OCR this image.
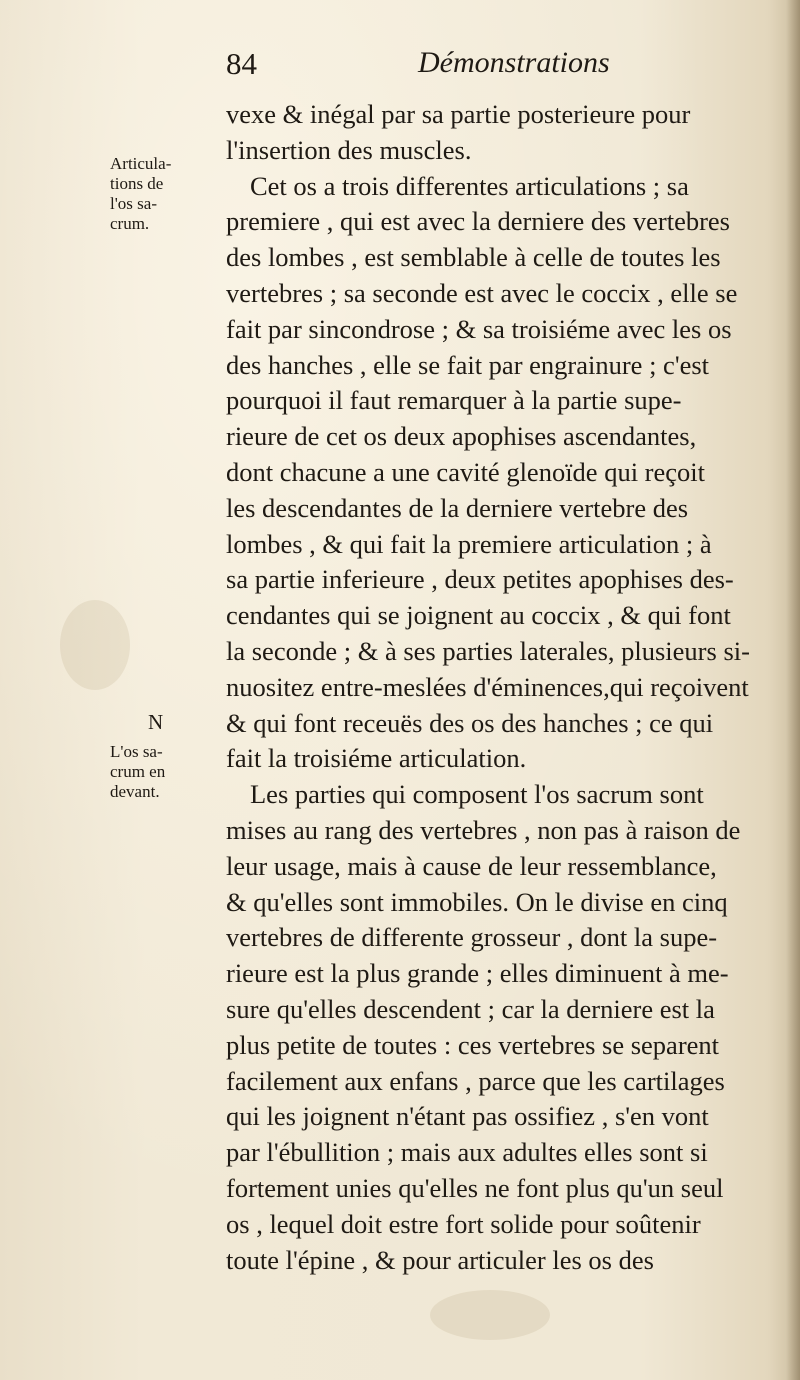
84	Démonstrations
Articula-
tions de
l'os sa-
crum.
N
L'os sa-
crum en
devant.
vexe & inégal par sa partie posterieure pour
l'insertion des muscles.
Cet os a trois differentes articulations ; sa
premiere , qui est avec la derniere des vertebres
des lombes , est semblable à celle de toutes les
vertebres ; sa seconde est avec le coccix , elle se
fait par sincondrose ; & sa troisiéme avec les os
des hanches , elle se fait par engrainure ; c'est
pourquoi il faut remarquer à la partie supe-
rieure de cet os deux apophises ascendantes,
dont chacune a une cavité glenoïde qui reçoit
les descendantes de la derniere vertebre des
lombes , & qui fait la premiere articulation ; à
sa partie inferieure , deux petites apophises des-
cendantes qui se joignent au coccix , & qui font
la seconde ; & à ses parties laterales, plusieurs si-
nuositez entre-meslées d'éminences,qui reçoivent
& qui font receuës des os des hanches ; ce qui
fait la troisiéme articulation.
Les parties qui composent l'os sacrum sont
mises au rang des vertebres , non pas à raison de
leur usage, mais à cause de leur ressemblance,
& qu'elles sont immobiles. On le divise en cinq
vertebres de differente grosseur , dont la supe-
rieure est la plus grande ; elles diminuent à me-
sure qu'elles descendent ; car la derniere est la
plus petite de toutes : ces vertebres se separent
facilement aux enfans , parce que les cartilages
qui les joignent n'étant pas ossifiez , s'en vont
par l'ébullition ; mais aux adultes elles sont si
fortement unies qu'elles ne font plus qu'un seul
os , lequel doit estre fort solide pour soûtenir
toute l'épine , & pour articuler les os des
